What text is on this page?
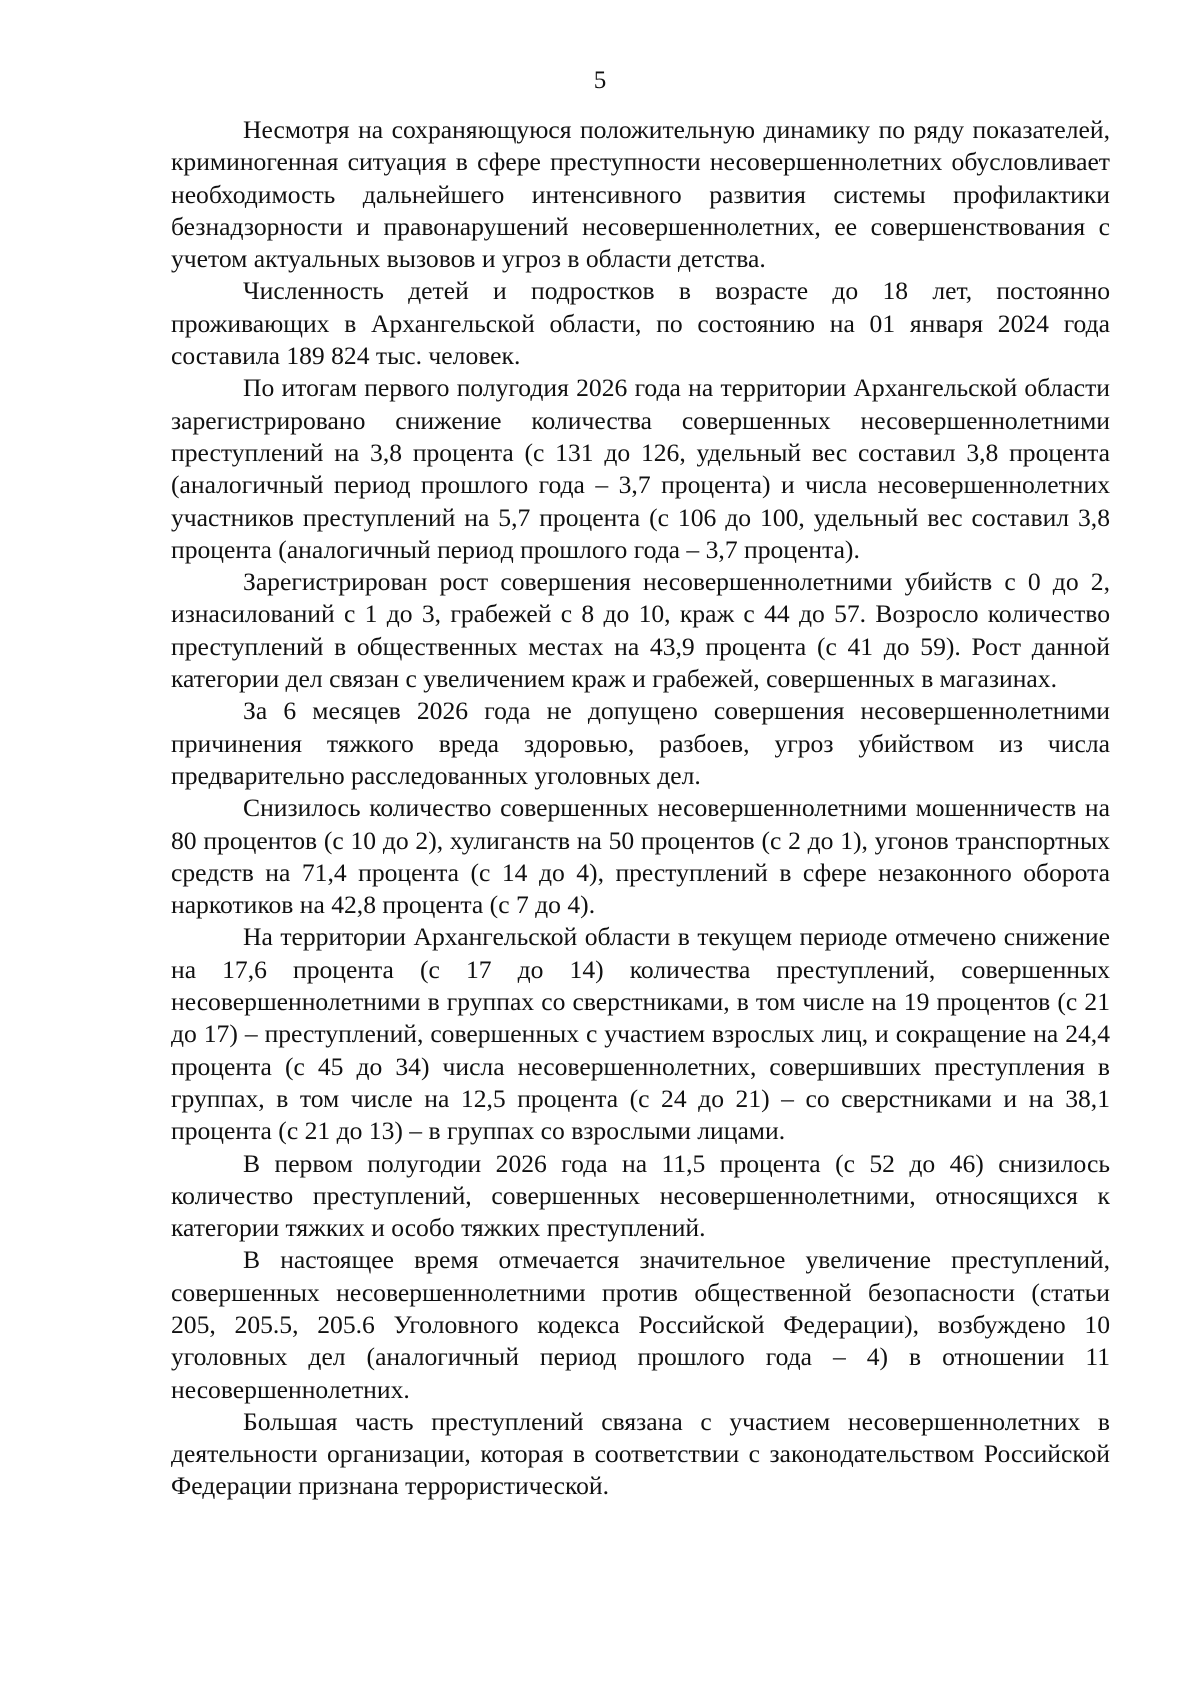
5

Несмотря на сохраняющуюся положительную динамику по ряду показателей, криминогенная ситуация в сфере преступности несовершеннолетних обусловливает необходимость дальнейшего интенсивного развития системы профилактики безнадзорности и правонарушений несовершеннолетних, ее совершенствования с учетом актуальных вызовов и угроз в области детства.

Численность детей и подростков в возрасте до 18 лет, постоянно проживающих в Архангельской области, по состоянию на 01 января 2024 года составила 189 824 тыс. человек.

По итогам первого полугодия 2026 года на территории Архангельской области зарегистрировано снижение количества совершенных несовершеннолетними преступлений на 3,8 процента (с 131 до 126, удельный вес составил 3,8 процента (аналогичный период прошлого года – 3,7 процента) и числа несовершеннолетних участников преступлений на 5,7 процента (с 106 до 100, удельный вес составил 3,8 процента (аналогичный период прошлого года – 3,7 процента).

Зарегистрирован рост совершения несовершеннолетними убийств с 0 до 2, изнасилований с 1 до 3, грабежей с 8 до 10, краж с 44 до 57. Возросло количество преступлений в общественных местах на 43,9 процента (с 41 до 59). Рост данной категории дел связан с увеличением краж и грабежей, совершенных в магазинах.

За 6 месяцев 2026 года не допущено совершения несовершеннолетними причинения тяжкого вреда здоровью, разбоев, угроз убийством из числа предварительно расследованных уголовных дел.

Снизилось количество совершенных несовершеннолетними мошенничеств на 80 процентов (с 10 до 2), хулиганств на 50 процентов (с 2 до 1), угонов транспортных средств на 71,4 процента (с 14 до 4), преступлений в сфере незаконного оборота наркотиков на 42,8 процента (с 7 до 4).

На территории Архангельской области в текущем периоде отмечено снижение на 17,6 процента (с 17 до 14) количества преступлений, совершенных несовершеннолетними в группах со сверстниками, в том числе на 19 процентов (с 21 до 17) – преступлений, совершенных с участием взрослых лиц, и сокращение на 24,4 процента (с 45 до 34) числа несовершеннолетних, совершивших преступления в группах, в том числе на 12,5 процента (с 24 до 21) – со сверстниками и на 38,1 процента (с 21 до 13) – в группах со взрослыми лицами.

В первом полугодии 2026 года на 11,5 процента (с 52 до 46) снизилось количество преступлений, совершенных несовершеннолетними, относящихся к категории тяжких и особо тяжких преступлений.

В настоящее время отмечается значительное увеличение преступлений, совершенных несовершеннолетними против общественной безопасности (статьи 205, 205.5, 205.6 Уголовного кодекса Российской Федерации), возбуждено 10 уголовных дел (аналогичный период прошлого года – 4) в отношении 11 несовершеннолетних.

Большая часть преступлений связана с участием несовершеннолетних в деятельности организации, которая в соответствии с законодательством Российской Федерации признана террористической.
